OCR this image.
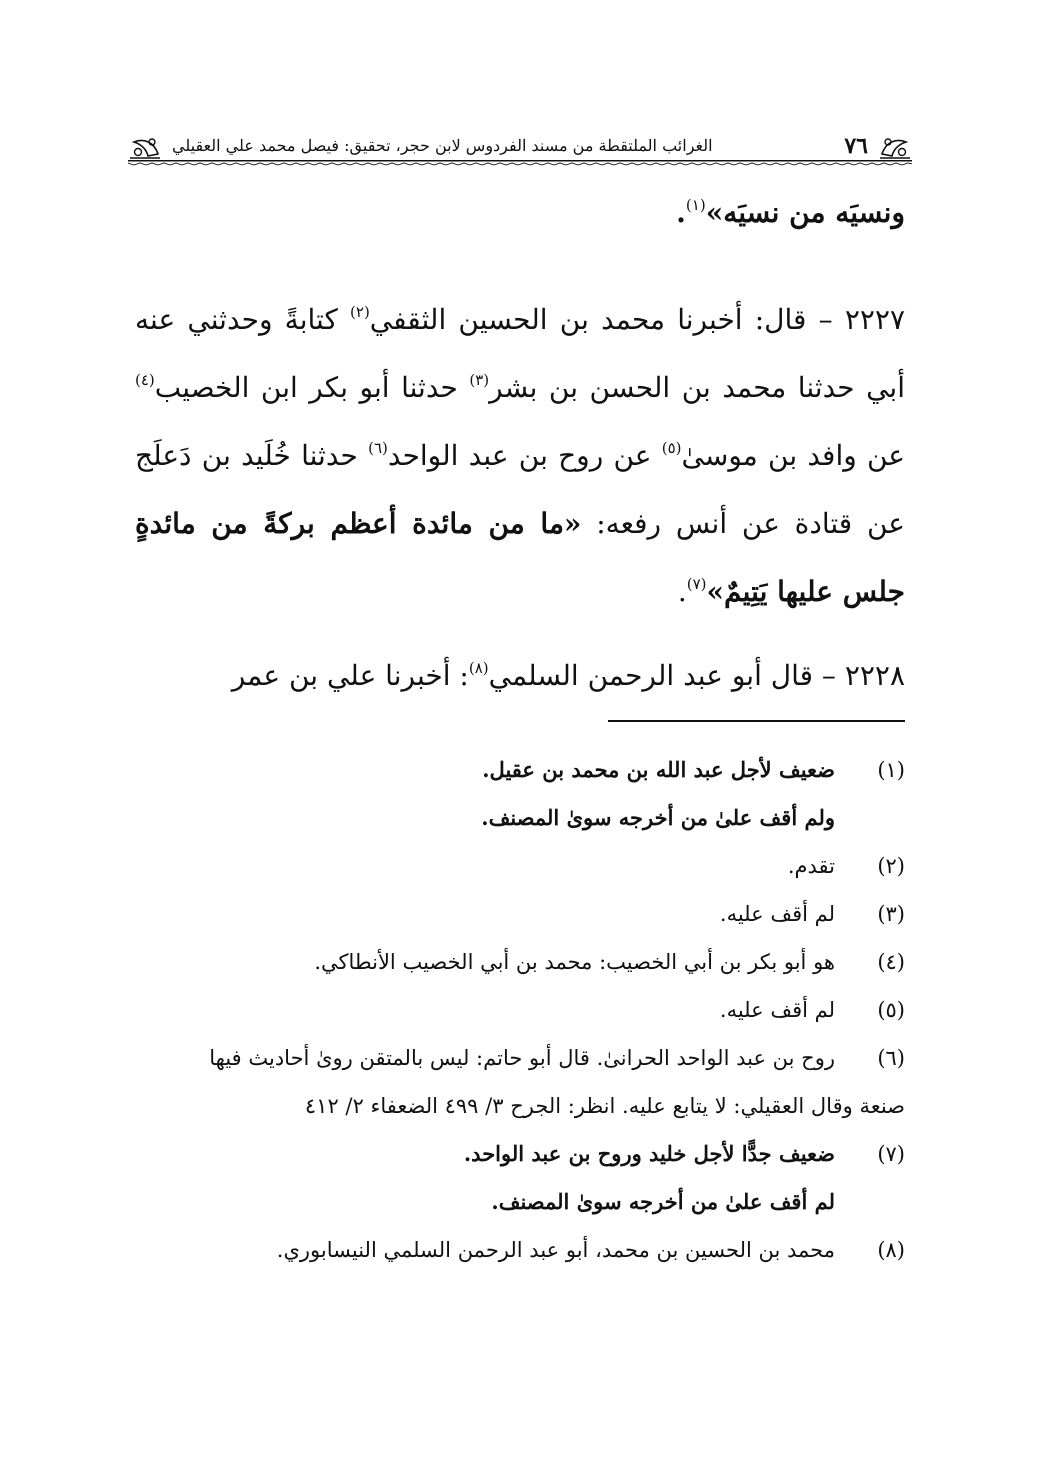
٧٦
الغرائب الملتقطة من مسند الفردوس لابن حجر، تحقيق: فيصل محمد علي العقيلي
ونسيَه من نسيَه»$^{(١)}$.
٢٢٢٧ – قال: أخبرنا محمد بن الحسين الثقفي$^{(٢)}$ كتابةً وحدثني عنه أبي حدثنا محمد بن الحسن بن بشر$^{(٣)}$ حدثنا أبو بكر ابن الخصيب$^{(٤)}$ عن وافد بن موسىٰ$^{(٥)}$ عن روح بن عبد الواحد$^{(٦)}$ حدثنا خُلَيد بن دَعلَج عن قتادة عن أنس رفعه: «ما من مائدة أعظم بركةً من مائدةٍ جلس عليها يَتِيمٌ»$^{(٧)}$.
٢٢٢٨ – قال أبو عبد الرحمن السلمي$^{(٨)}$: أخبرنا علي بن عمر
(١)
ضعيف لأجل عبد الله بن محمد بن عقيل.
ولم أقف علىٰ من أخرجه سوىٰ المصنف.
(٢)
تقدم.
(٣)
لم أقف عليه.
(٤)
هو أبو بكر بن أبي الخصيب: محمد بن أبي الخصيب الأنطاكي.
(٥)
لم أقف عليه.
(٦)
روح بن عبد الواحد الحرانىٰ. قال أبو حاتم: ليس بالمتقن روىٰ أحاديث فيها
صنعة وقال العقيلي: لا يتابع عليه. انظر: الجرح ٣/ ٤٩٩ الضعفاء ٢/ ٤١٢
(٧)
ضعيف جدًّا لأجل خليد وروح بن عبد الواحد.
لم أقف علىٰ من أخرجه سوىٰ المصنف.
(٨)
محمد بن الحسين بن محمد، أبو عبد الرحمن السلمي النيسابوري.
